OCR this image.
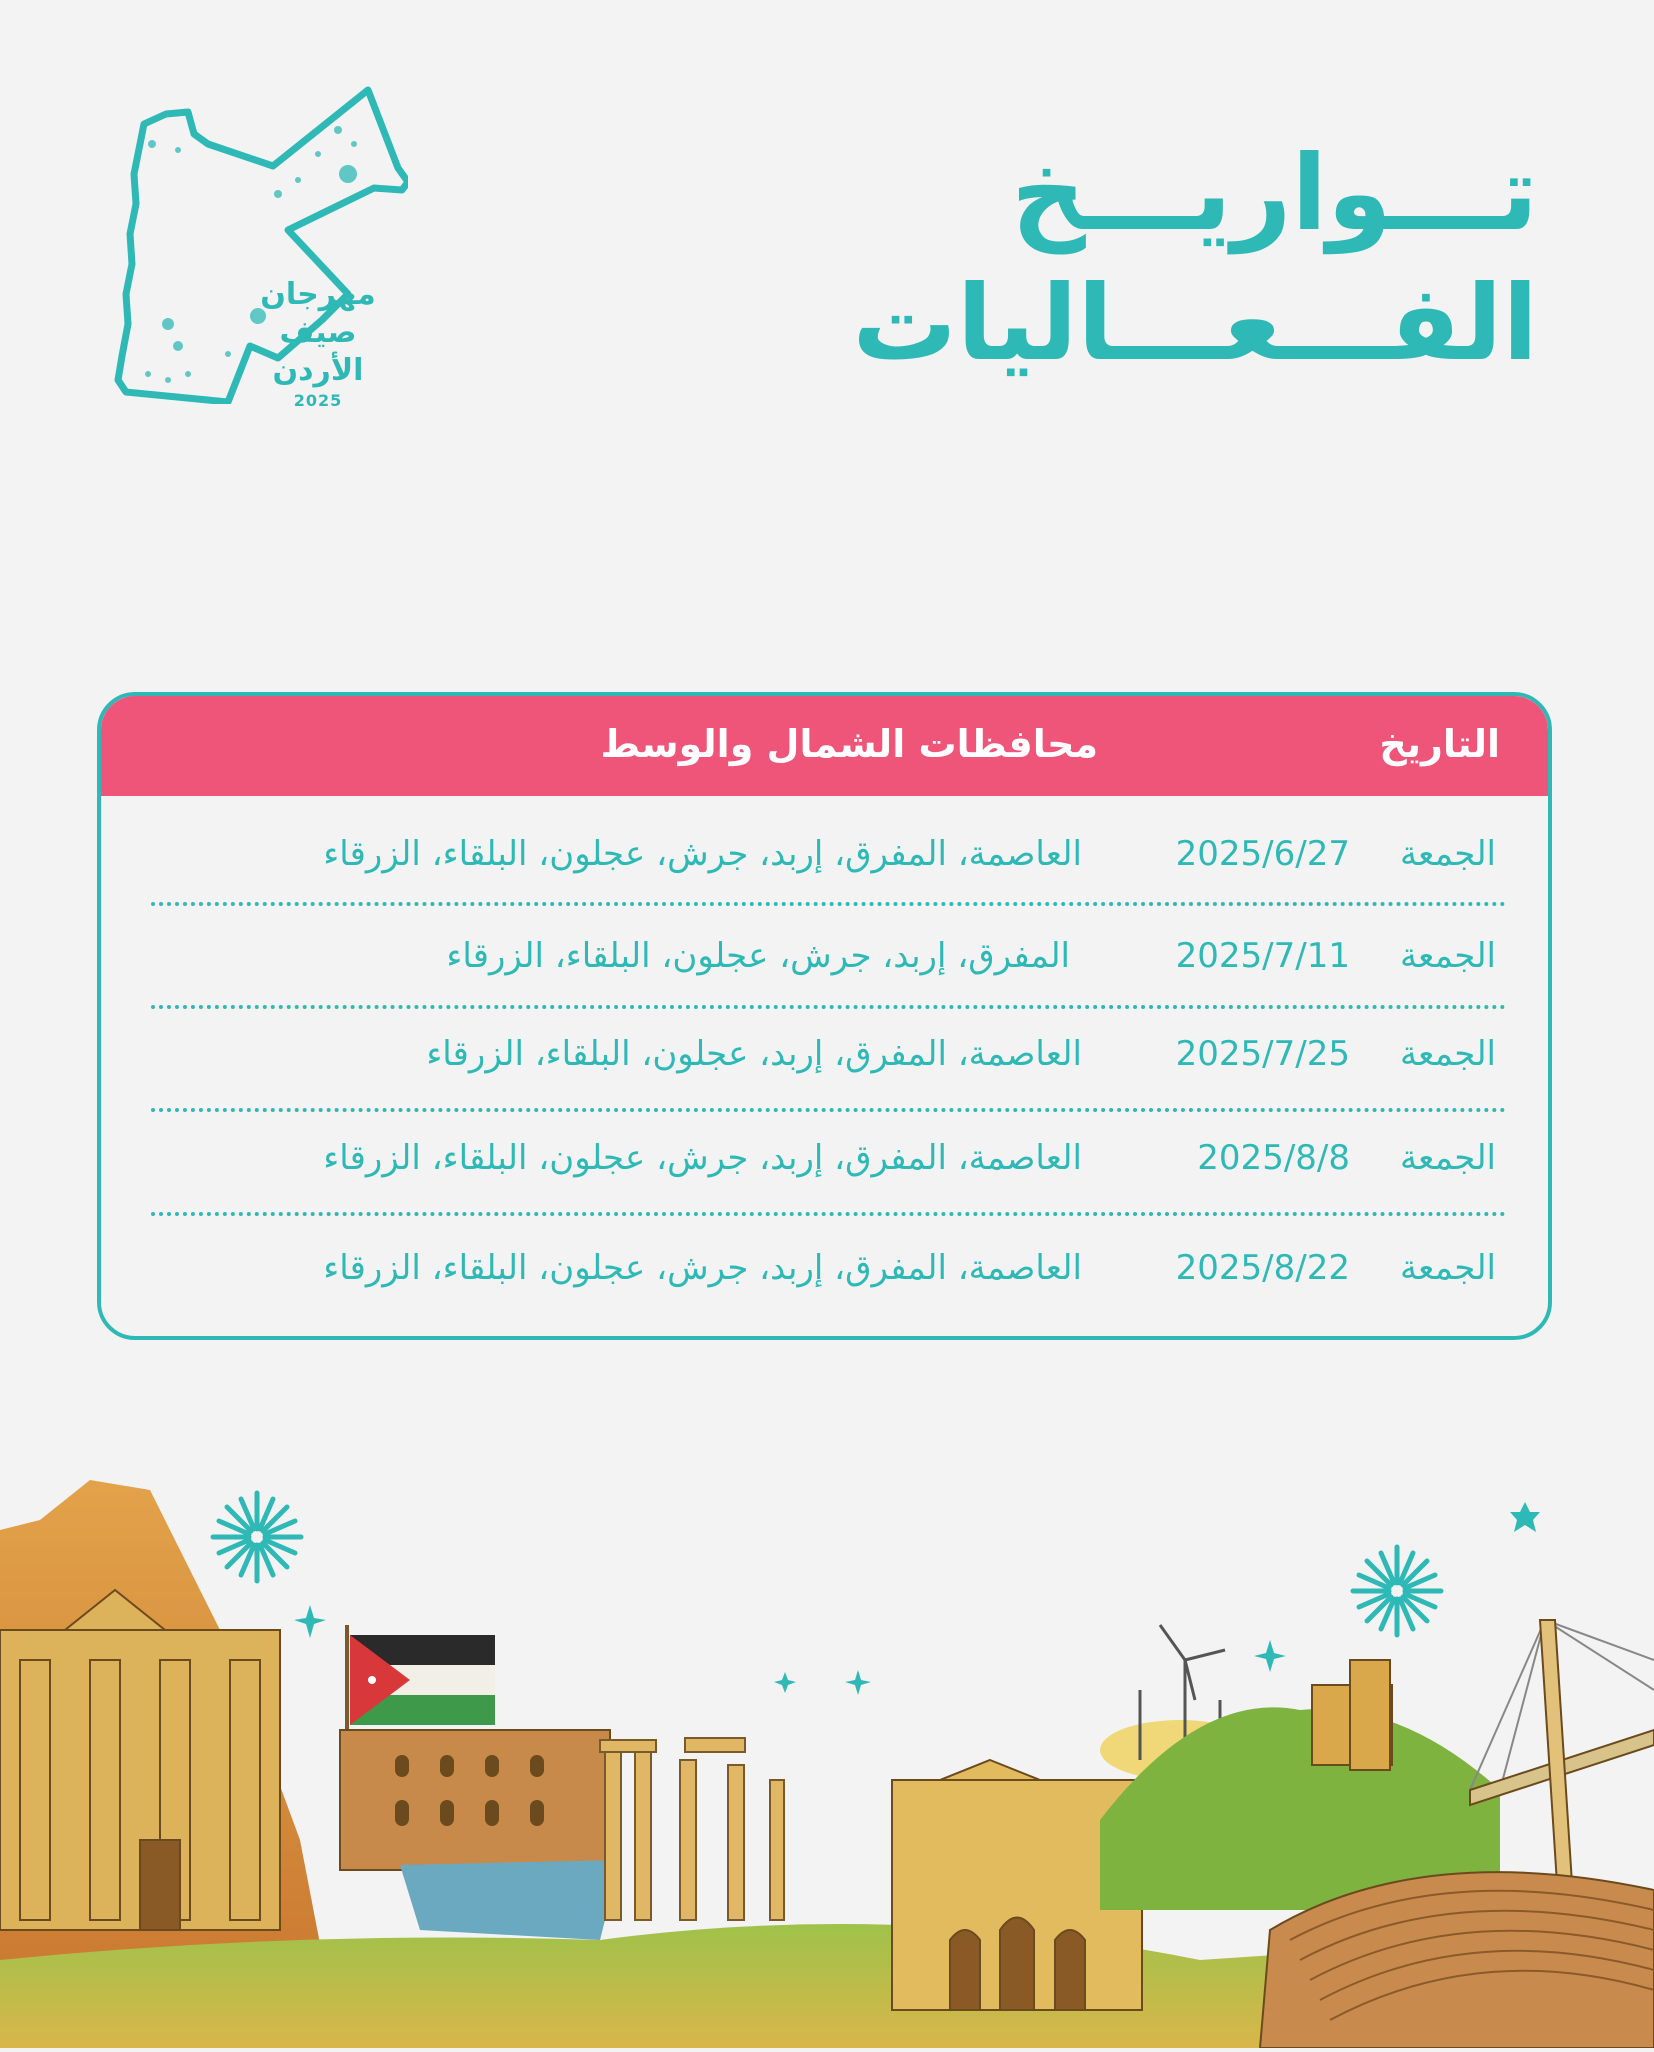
مهرجان
صيف
الأردن
2025
تـــواريـــخ
الفـــعـــاليات
التاريخ
محافظات الشمال والوسط
الجمعة
2025/6/27
العاصمة، المفرق، إربد، جرش، عجلون، البلقاء، الزرقاء
الجمعة
2025/7/11
المفرق، إربد، جرش، عجلون، البلقاء، الزرقاء
الجمعة
2025/7/25
العاصمة، المفرق، إربد، عجلون، البلقاء، الزرقاء
الجمعة
2025/8/8
العاصمة، المفرق، إربد، جرش، عجلون، البلقاء، الزرقاء
الجمعة
2025/8/22
العاصمة، المفرق، إربد، جرش، عجلون، البلقاء، الزرقاء
